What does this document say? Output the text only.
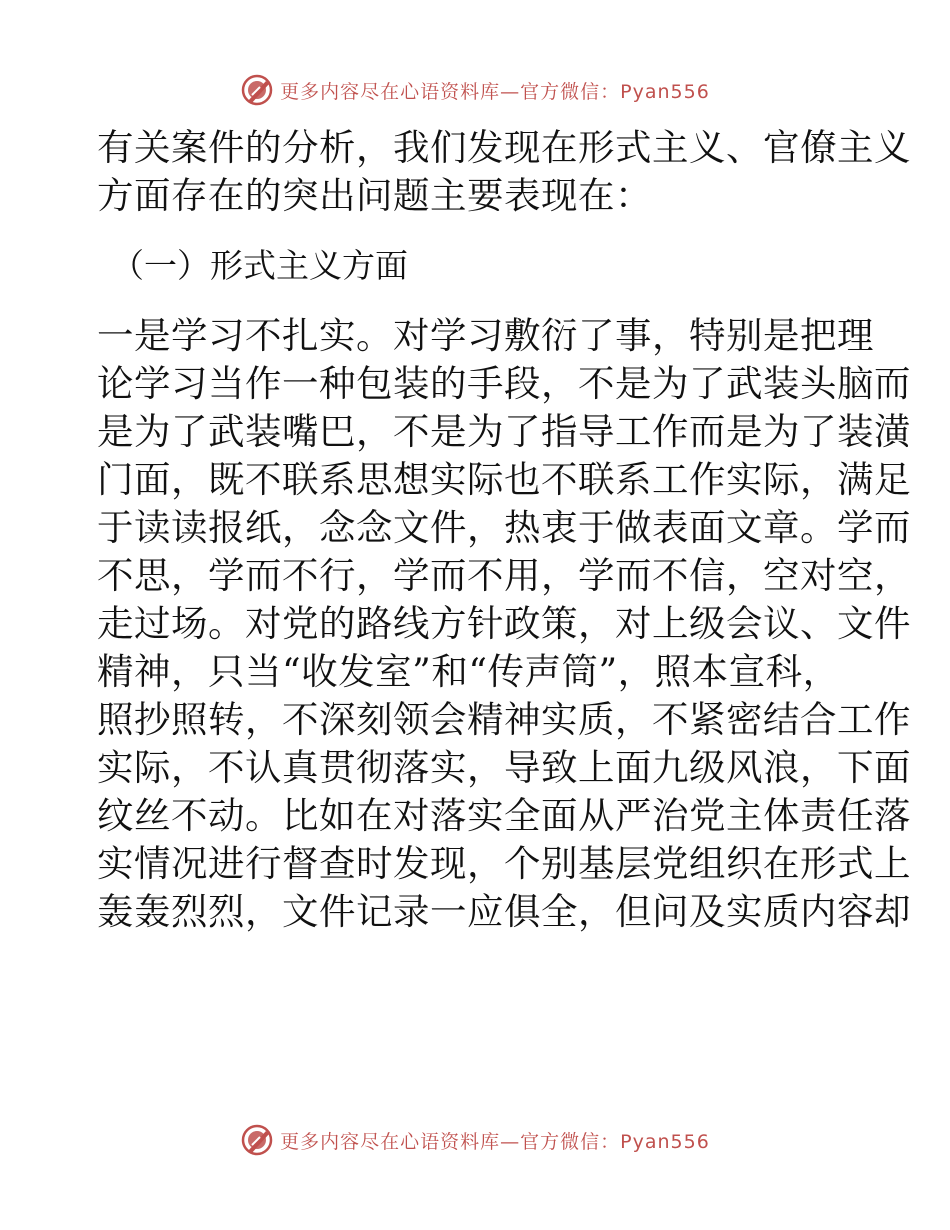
更多内容尽在心语资料库—官方微信：Pyan556

有关案件的分析，我们发现在形式主义、官僚主义

方面存在的突出问题主要表现在：

（一）形式主义方面

一是学习不扎实。对学习敷衍了事，特别是把理

论学习当作一种包装的手段，不是为了武装头脑而

是为了武装嘴巴，不是为了指导工作而是为了装潢

门面，既不联系思想实际也不联系工作实际，满足

于读读报纸，念念文件，热衷于做表面文章。学而

不思，学而不行，学而不用，学而不信，空对空，

走过场。对党的路线方针政策，对上级会议、文件

精神，只当“收发室”和“传声筒”，照本宣科，

照抄照转，不深刻领会精神实质，不紧密结合工作

实际，不认真贯彻落实，导致上面九级风浪，下面

纹丝不动。比如在对落实全面从严治党主体责任落

实情况进行督查时发现，个别基层党组织在形式上

轰轰烈烈，文件记录一应俱全，但问及实质内容却

更多内容尽在心语资料库—官方微信：Pyan556
